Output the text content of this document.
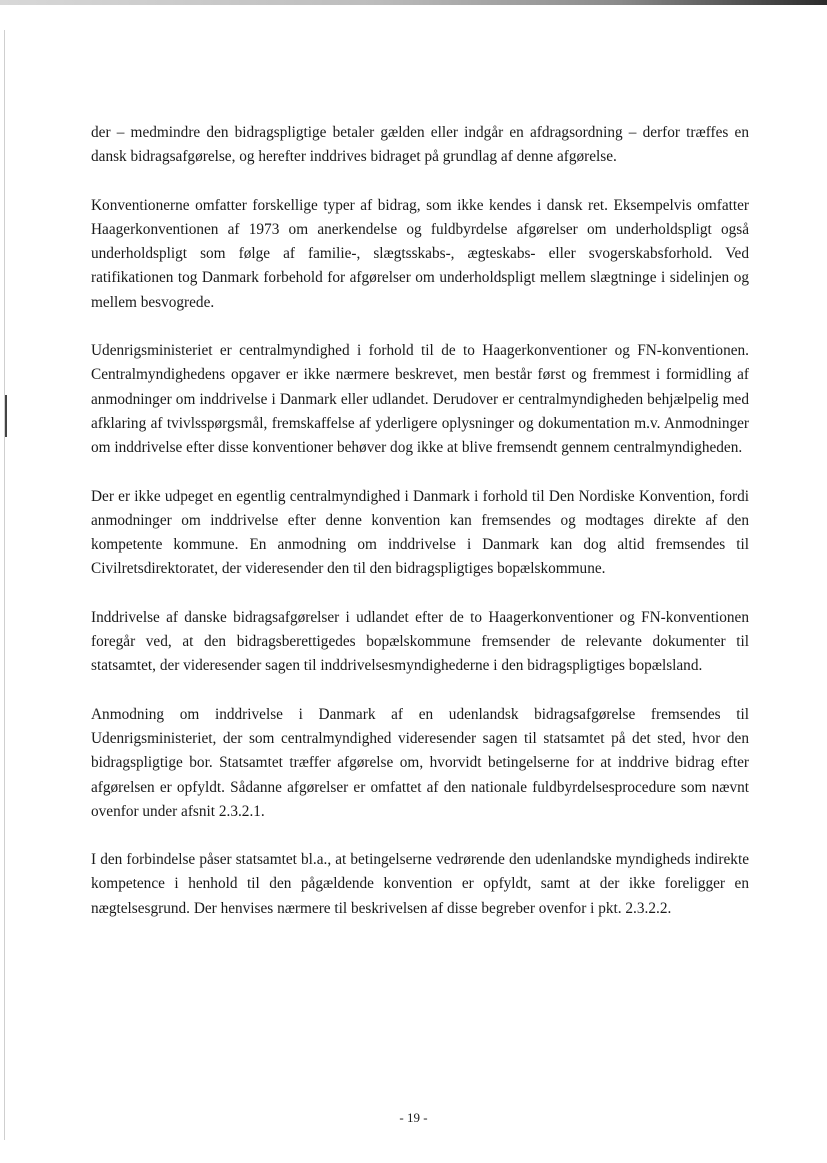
der – medmindre den bidragspligtige betaler gælden eller indgår en afdragsordning – derfor træffes en dansk bidragsafgørelse, og herefter inddrives bidraget på grundlag af denne afgørelse.

Konventionerne omfatter forskellige typer af bidrag, som ikke kendes i dansk ret. Eksempelvis omfatter Haagerkonventionen af 1973 om anerkendelse og fuldbyrdelse afgørelser om underholdspligt også underholdspligt som følge af familie-, slægtsskabs-, ægteskabs- eller svogerskabsforhold. Ved ratifikationen tog Danmark forbehold for afgørelser om underholdspligt mellem slægtninge i sidelinjen og mellem besvogrede.

Udenrigsministeriet er centralmyndighed i forhold til de to Haagerkonventioner og FN-konventionen. Centralmyndighedens opgaver er ikke nærmere beskrevet, men består først og fremmest i formidling af anmodninger om inddrivelse i Danmark eller udlandet. Derudover er centralmyndigheden behjælpelig med afklaring af tvivlsspørgsmål, fremskaffelse af yderligere oplysninger og dokumentation m.v. Anmodninger om inddrivelse efter disse konventioner behøver dog ikke at blive fremsendt gennem centralmyndigheden.

Der er ikke udpeget en egentlig centralmyndighed i Danmark i forhold til Den Nordiske Konvention, fordi anmodninger om inddrivelse efter denne konvention kan fremsendes og modtages direkte af den kompetente kommune. En anmodning om inddrivelse i Danmark kan dog altid fremsendes til Civilretsdirektoratet, der videresender den til den bidragspligtiges bopælskommune.

Inddrivelse af danske bidragsafgørelser i udlandet efter de to Haagerkonventioner og FN-konventionen foregår ved, at den bidragsberettigedes bopælskommune fremsender de relevante dokumenter til statsamtet, der videresender sagen til inddrivelsesmyndighederne i den bidragspligtiges bopælsland.

Anmodning om inddrivelse i Danmark af en udenlandsk bidragsafgørelse fremsendes til Udenrigsministeriet, der som centralmyndighed videresender sagen til statsamtet på det sted, hvor den bidragspligtige bor. Statsamtet træffer afgørelse om, hvorvidt betingelserne for at inddrive bidrag efter afgørelsen er opfyldt. Sådanne afgørelser er omfattet af den nationale fuldbyrdelsesprocedure som nævnt ovenfor under afsnit 2.3.2.1.

I den forbindelse påser statsamtet bl.a., at betingelserne vedrørende den udenlandske myndigheds indirekte kompetence i henhold til den pågældende konvention er opfyldt, samt at der ikke foreligger en nægtelsesgrund. Der henvises nærmere til beskrivelsen af disse begreber ovenfor i pkt. 2.3.2.2.

- 19 -
